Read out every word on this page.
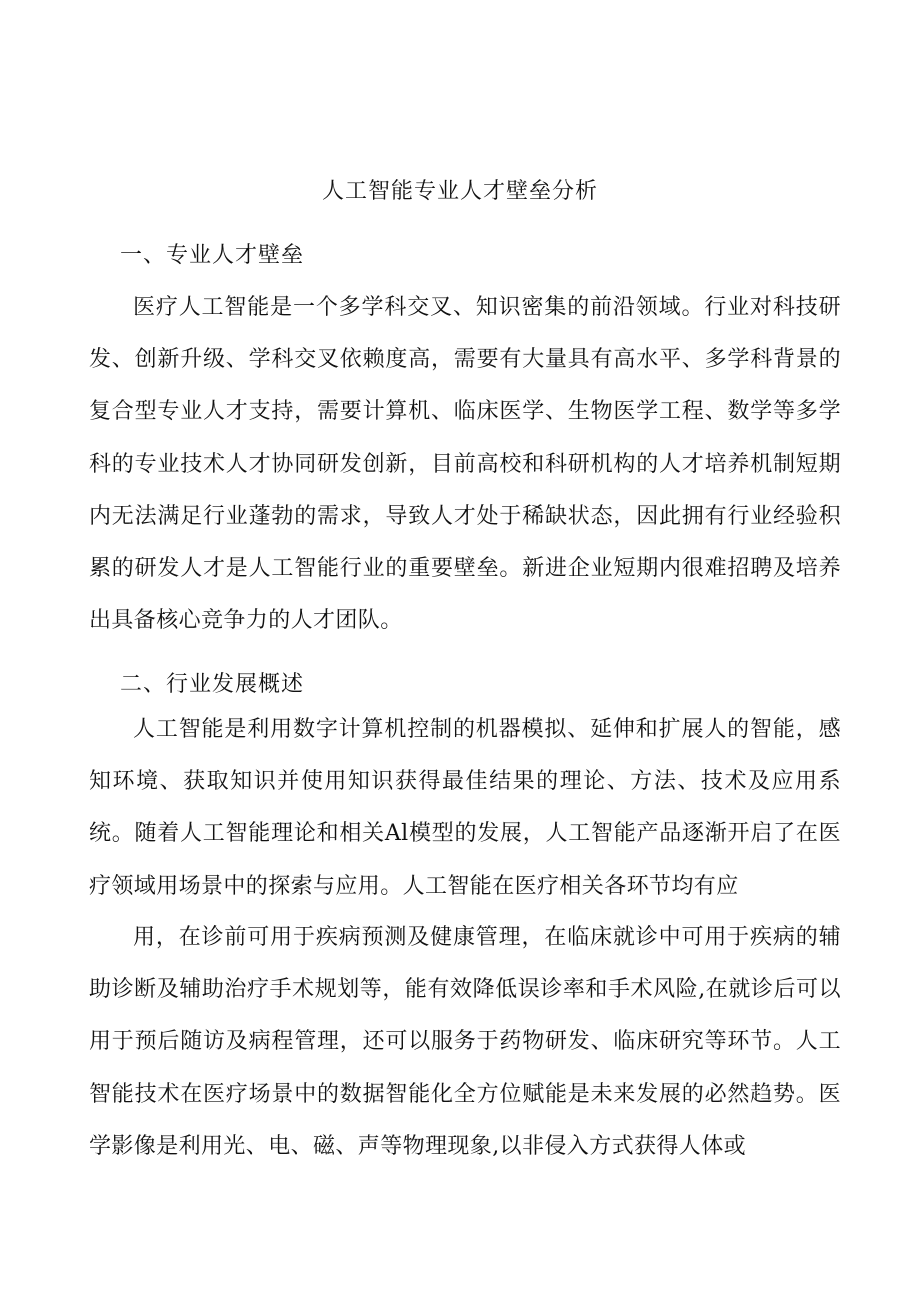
人工智能专业人才壁垒分析
一、专业人才壁垒

医疗人工智能是一个多学科交叉、知识密集的前沿领域。行业对科技研发、创新升级、学科交叉依赖度高，需要有大量具有高水平、多学科背景的复合型专业人才支持，需要计算机、临床医学、生物医学工程、数学等多学科的专业技术人才协同研发创新，目前高校和科研机构的人才培养机制短期内无法满足行业蓬勃的需求，导致人才处于稀缺状态，因此拥有行业经验积累的研发人才是人工智能行业的重要壁垒。新进企业短期内很难招聘及培养出具备核心竞争力的人才团队。

二、行业发展概述

人工智能是利用数字计算机控制的机器模拟、延伸和扩展人的智能，感知环境、获取知识并使用知识获得最佳结果的理论、方法、技术及应用系统。随着人工智能理论和相关Al模型的发展，人工智能产品逐渐开启了在医疗领域用场景中的探索与应用。人工智能在医疗相关各环节均有应

用，在诊前可用于疾病预测及健康管理，在临床就诊中可用于疾病的辅助诊断及辅助治疗手术规划等，能有效降低误诊率和手术风险,在就诊后可以用于预后随访及病程管理，还可以服务于药物研发、临床研究等环节。人工智能技术在医疗场景中的数据智能化全方位赋能是未来发展的必然趋势。医学影像是利用光、电、磁、声等物理现象,以非侵入方式获得人体或
